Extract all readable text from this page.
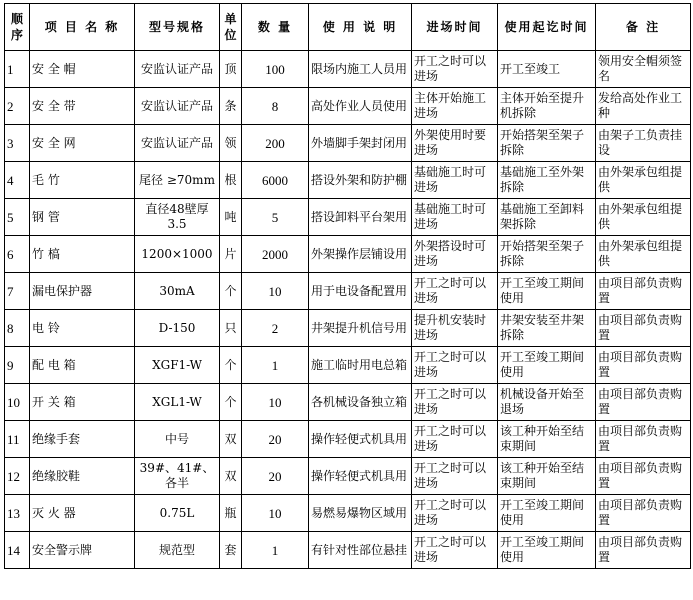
顺序	项 目 名 称	型号规格	单位	数 量	使 用 说 明	进场时间	使用起讫时间	备 注
1	安 全 帽	安监认证产品	顶	100	限场内施工人员用	开工之时可以进场	开工至竣工	领用安全帽须签名
2	安 全 带	安监认证产品	条	8	高处作业人员使用	主体开始施工进场	主体开始至提升机拆除	发给高处作业工种
3	安 全 网	安监认证产品	领	200	外墙脚手架封闭用	外架使用时要进场	开始搭架至架子拆除	由架子工负责挂设
4	毛 竹	尾径 ≥70mm	根	6000	搭设外架和防护棚	基础施工时可进场	基础施工至外架拆除	由外架承包组提供
5	钢 管	直径48壁厚3.5	吨	5	搭设卸料平台架用	基础施工时可进场	基础施工至卸料架拆除	由外架承包组提供
6	竹 槁	1200×1000	片	2000	外架操作层铺设用	外架搭设时可进场	开始搭架至架子拆除	由外架承包组提供
7	漏电保护器	30mA	个	10	用于电设备配置用	开工之时可以进场	开工至竣工期间使用	由项目部负责购置
8	电 铃	D-150	只	2	井架提升机信号用	提升机安装时进场	井架安装至井架拆除	由项目部负责购置
9	配 电 箱	XGF1-W	个	1	施工临时用电总箱	开工之时可以进场	开工至竣工期间使用	由项目部负责购置
10	开 关 箱	XGL1-W	个	10	各机械设备独立箱	开工之时可以进场	机械设备开始至退场	由项目部负责购置
11	绝缘手套	中号	双	20	操作轻便式机具用	开工之时可以进场	该工种开始至结束期间	由项目部负责购置
12	绝缘胶鞋	39#、41#、各半	双	20	操作轻便式机具用	开工之时可以进场	该工种开始至结束期间	由项目部负责购置
13	灭 火 器	0.75L	瓶	10	易燃易爆物区域用	开工之时可以进场	开工至竣工期间使用	由项目部负责购置
14	安全警示牌	规范型	套	1	有针对性部位悬挂	开工之时可以进场	开工至竣工期间使用	由项目部负责购置
